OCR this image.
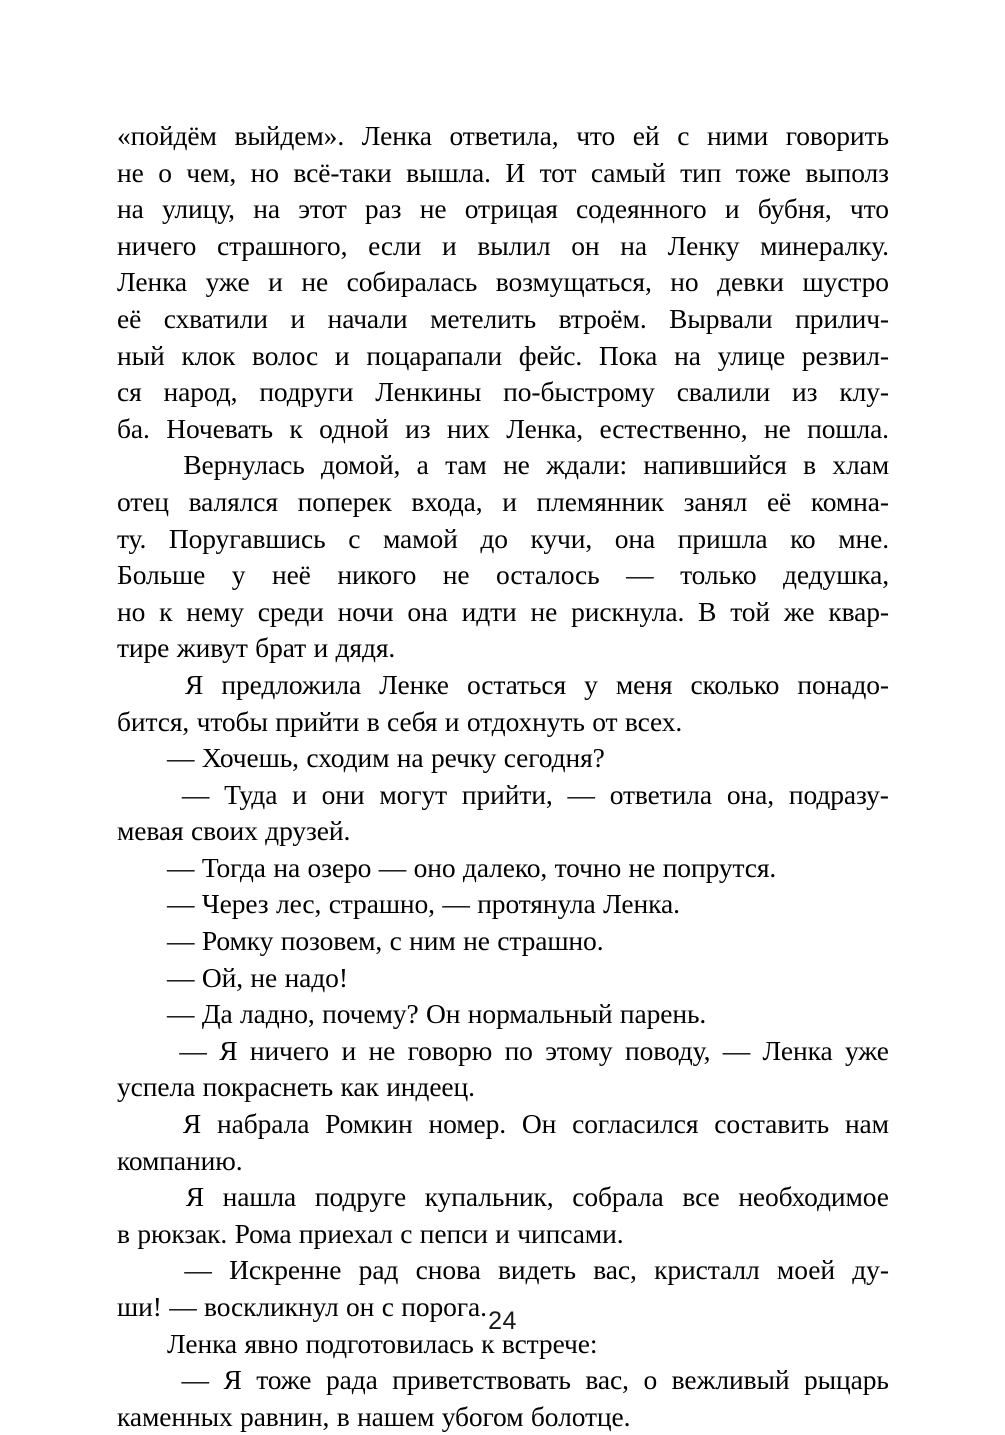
«пойдём выйдем». Ленка ответила, что ей с ними говорить
не о чем, но всё-таки вышла. И тот самый тип тоже выполз
на улицу, на этот раз не отрицая содеянного и бубня, что
ничего страшного, если и вылил он на Ленку минералку.
Ленка уже и не собиралась возмущаться, но девки шустро
её схватили и начали метелить втроём. Вырвали прилич-
ный клок волос и поцарапали фейс. Пока на улице резвил-
ся народ, подруги Ленкины по-быстрому свалили из клу-
ба. Ночевать к одной из них Ленка, естественно, не пошла.
Вернулась домой, а там не ждали: напившийся в хлам
отец валялся поперек входа, и племянник занял её комна-
ту. Поругавшись с мамой до кучи, она пришла ко мне.
Больше у неё никого не осталось — только дедушка,
но к нему среди ночи она идти не рискнула. В той же квар-
тире живут брат и дядя.
Я предложила Ленке остаться у меня сколько понадо-
бится, чтобы прийти в себя и отдохнуть от всех.
— Хочешь, сходим на речку сегодня?
— Туда и они могут прийти, — ответила она, подразу-
мевая своих друзей.
— Тогда на озеро — оно далеко, точно не попрутся.
— Через лес, страшно, — протянула Ленка.
— Ромку позовем, с ним не страшно.
— Ой, не надо!
— Да ладно, почему? Он нормальный парень.
— Я ничего и не говорю по этому поводу, — Ленка уже
успела покраснеть как индеец.
Я набрала Ромкин номер. Он согласился составить нам
компанию.
Я нашла подруге купальник, собрала все необходимое
в рюкзак. Рома приехал с пепси и чипсами.
— Искренне рад снова видеть вас, кристалл моей ду-
ши! — воскликнул он с порога.
Ленка явно подготовилась к встрече:
— Я тоже рада приветствовать вас, о вежливый рыцарь
каменных равнин, в нашем убогом болотце.
24
